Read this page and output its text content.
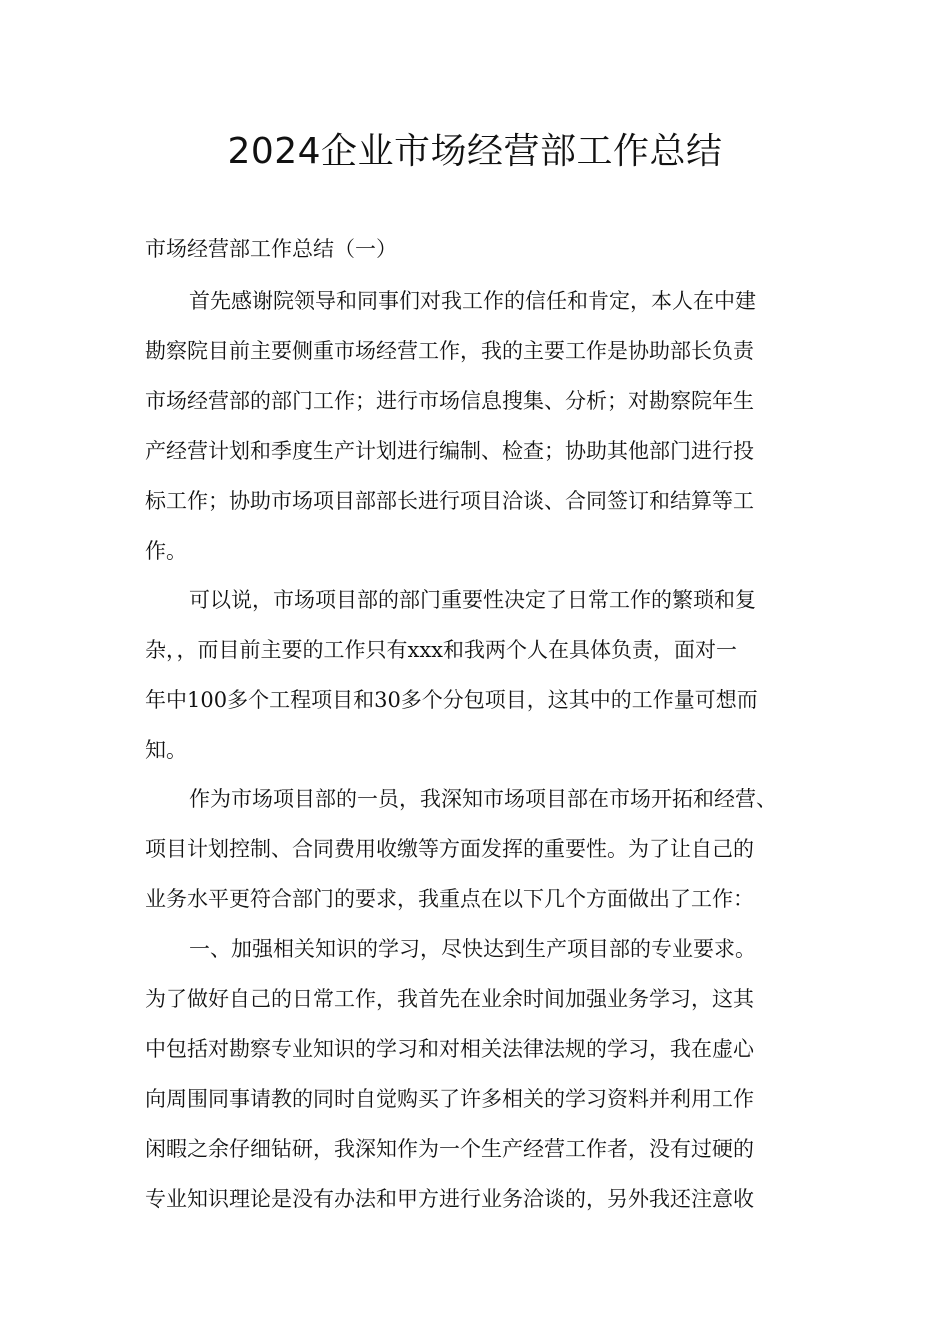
2024企业市场经营部工作总结

市场经营部工作总结（一）

首先感谢院领导和同事们对我工作的信任和肯定，本人在中建
勘察院目前主要侧重市场经营工作，我的主要工作是协助部长负责
市场经营部的部门工作；进行市场信息搜集、分析；对勘察院年生
产经营计划和季度生产计划进行编制、检查；协助其他部门进行投
标工作；协助市场项目部部长进行项目洽谈、合同签订和结算等工
作。

可以说，市场项目部的部门重要性决定了日常工作的繁琐和复
杂，，而目前主要的工作只有xxx和我两个人在具体负责，面对一
年中100多个工程项目和30多个分包项目，这其中的工作量可想而
知。

作为市场项目部的一员，我深知市场项目部在市场开拓和经营、
项目计划控制、合同费用收缴等方面发挥的重要性。为了让自己的
业务水平更符合部门的要求，我重点在以下几个方面做出了工作：

一、加强相关知识的学习，尽快达到生产项目部的专业要求。
为了做好自己的日常工作，我首先在业余时间加强业务学习，这其
中包括对勘察专业知识的学习和对相关法律法规的学习，我在虚心
向周围同事请教的同时自觉购买了许多相关的学习资料并利用工作
闲暇之余仔细钻研，我深知作为一个生产经营工作者，没有过硬的
专业知识理论是没有办法和甲方进行业务洽谈的，另外我还注意收
